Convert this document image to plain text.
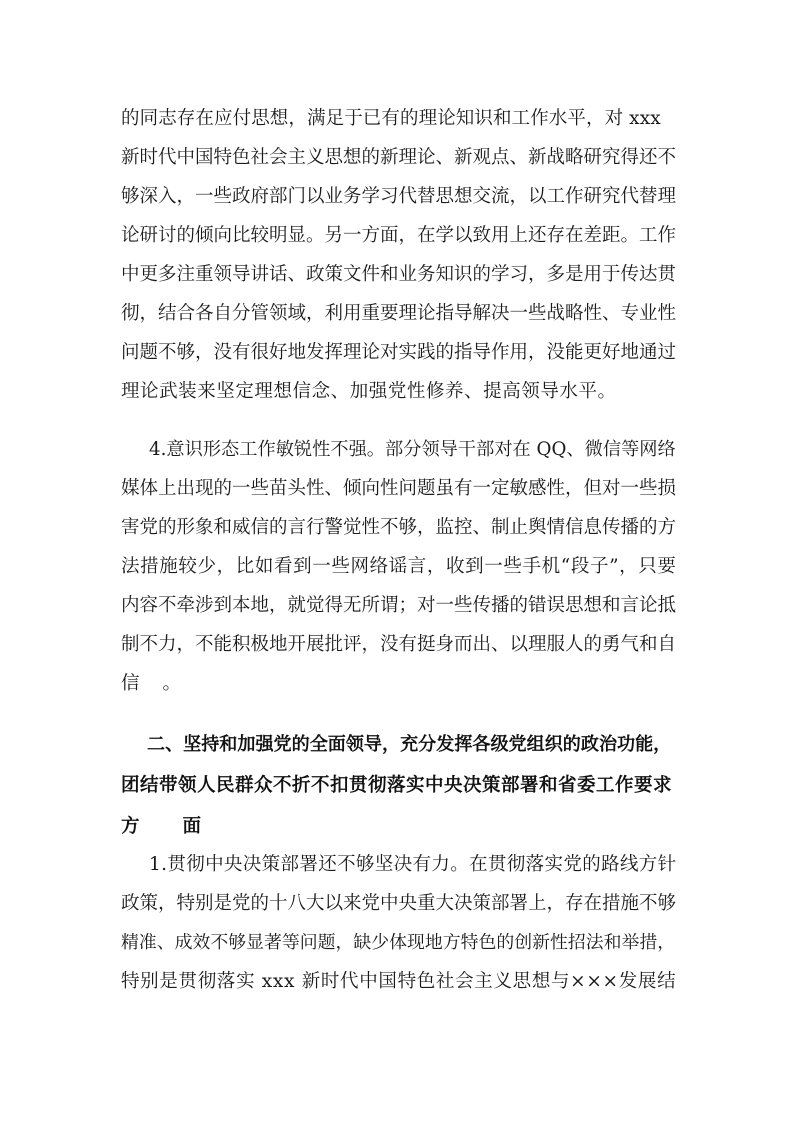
的同志存在应付思想，满足于已有的理论知识和工作水平，对 xxx
新时代中国特色社会主义思想的新理论、新观点、新战略研究得还不
够深入，一些政府部门以业务学习代替思想交流，以工作研究代替理
论研讨的倾向比较明显。另一方面，在学以致用上还存在差距。工作
中更多注重领导讲话、政策文件和业务知识的学习，多是用于传达贯
彻，结合各自分管领域，利用重要理论指导解决一些战略性、专业性
问题不够，没有很好地发挥理论对实践的指导作用，没能更好地通过
理论武装来坚定理想信念、加强党性修养、提高领导水平。
4.意识形态工作敏锐性不强。部分领导干部对在 QQ、微信等网络
媒体上出现的一些苗头性、倾向性问题虽有一定敏感性，但对一些损
害党的形象和威信的言行警觉性不够，监控、制止舆情信息传播的方
法措施较少，比如看到一些网络谣言，收到一些手机“段子”，只要
内容不牵涉到本地，就觉得无所谓；对一些传播的错误思想和言论抵
制不力，不能积极地开展批评，没有挺身而出、以理服人的勇气和自
信。
二、坚持和加强党的全面领导，充分发挥各级党组织的政治功能，
团结带领人民群众不折不扣贯彻落实中央决策部署和省委工作要求
方面
1.贯彻中央决策部署还不够坚决有力。在贯彻落实党的路线方针
政策，特别是党的十八大以来党中央重大决策部署上，存在措施不够
精准、成效不够显著等问题，缺少体现地方特色的创新性招法和举措，
特别是贯彻落实 xxx 新时代中国特色社会主义思想与×××发展结
